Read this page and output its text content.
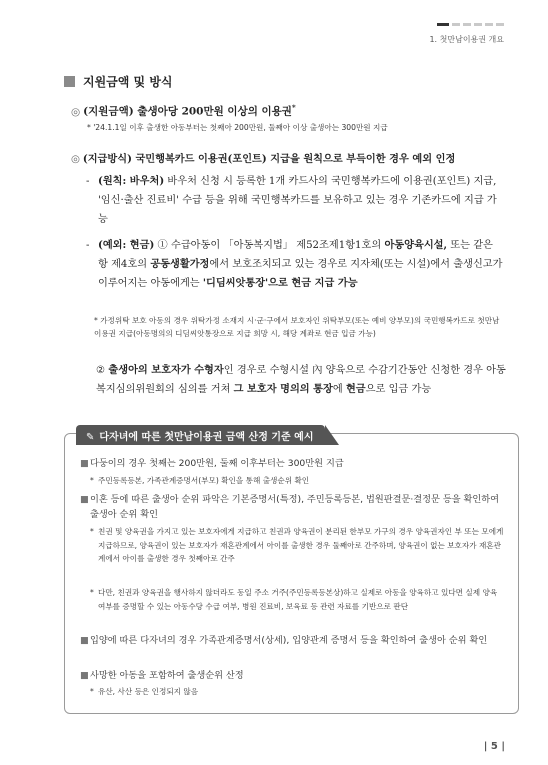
1. 첫만남이용권 개요
지원금액 및 방식
◎ (지원금액) 출생아당 200만원 이상의 이용권*
* '24.1.1일 이후 출생한 아동부터는 첫째아 200만원, 둘째아 이상 출생아는 300만원 지급
◎ (지급방식) 국민행복카드 이용권(포인트) 지급을 원칙으로 부득이한 경우 예외 인정
- (원칙: 바우처) 바우처 신청 시 등록한 1개 카드사의 국민행복카드에 이용권(포인트) 지급, '임신·출산 진료비' 수급 등을 위해 국민행복카드를 보유하고 있는 경우 기존카드에 지급 가능
- (예외: 현금) ① 수급아동이 「아동복지법」 제52조제1항1호의 아동양육시설, 또는 같은 항 제4호의 공동생활가정에서 보호조치되고 있는 경우로 지자체(또는 시설)에서 출생신고가 이루어지는 아동에게는 '디딤씨앗통장'으로 현금 지급 가능
* 가정위탁 보호 아동의 경우 위탁가정 소재지 시·군·구에서 보호자인 위탁부모(또는 예비 양부모)의 국민행복카드로 첫만남이용권 지급(아동명의의 디딤씨앗통장으로 지급 희망 시, 해당 계좌로 현금 입금 가능)
② 출생아의 보호자가 수형자인 경우로 수형시설 內 양육으로 수감기간동안 신청한 경우 아동복지심의위원회의 심의를 거쳐 그 보호자 명의의 통장에 현금으로 입금 가능
✎ 다자녀에 따른 첫만남이용권 금액 산정 기준 예시
■ 다둥이의 경우 첫째는 200만원, 둘째 이후부터는 300만원 지급
* 주민등록등본, 가족관계증명서(부모) 확인을 통해 출생순위 확인
■ 이혼 등에 따른 출생아 순위 파악은 기본증명서(특정), 주민등록등본, 법원판결문·결정문 등을 확인하여 출생아 순위 확인
* 친권 및 양육권을 가지고 있는 보호자에게 지급하고 친권과 양육권이 분리된 한부모 가구의 경우 양육권자인 부 또는 모에게 지급하므로, 양육권이 있는 보호자가 재혼관계에서 아이를 출생한 경우 둘째아로 간주하며, 양육권이 없는 보호자가 재혼관계에서 아이를 출생한 경우 첫째아로 간주
* 다만, 친권과 양육권을 행사하지 않더라도 동일 주소 거주(주민등록등본상)하고 실제로 아동을 양육하고 있다면 실제 양육여부를 증명할 수 있는 아동수당 수급 여부, 병원 진료비, 보육료 등 관련 자료를 기반으로 판단
■ 입양에 따른 다자녀의 경우 가족관계증명서(상세), 입양관계 증명서 등을 확인하여 출생아 순위 확인
■ 사망한 아동을 포함하여 출생순위 산정
* 유산, 사산 등은 인정되지 않음
| 5 |
